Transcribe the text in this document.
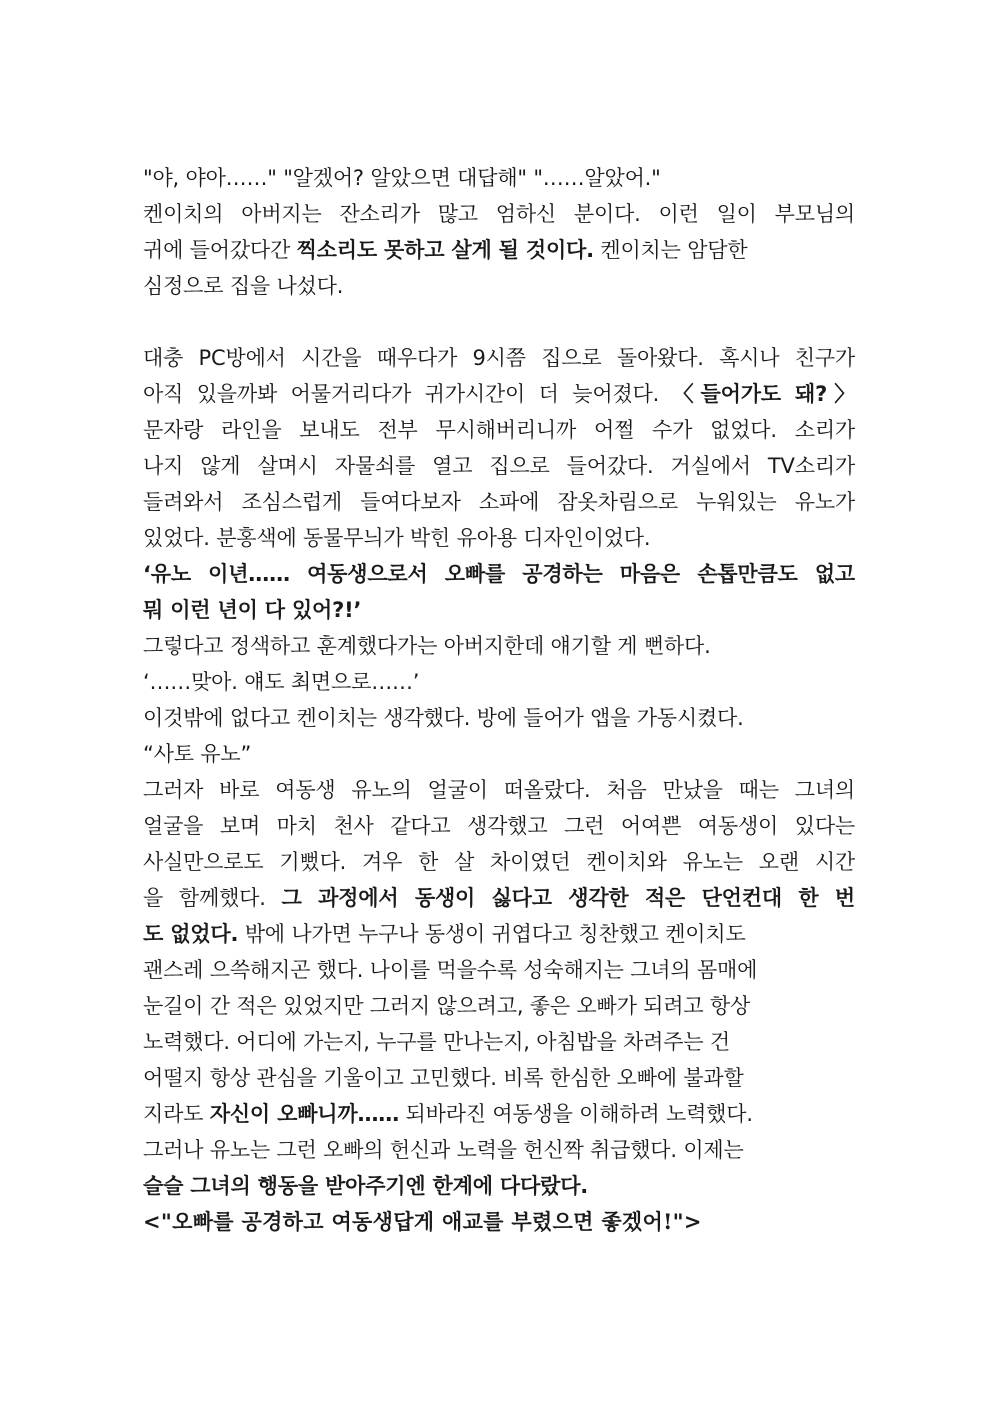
"야, 야아……" "알겠어? 알았으면 대답해" "……알았어."
켄이치의 아버지는 잔소리가 많고 엄하신 분이다. 이런 일이 부모님의
귀에 들어갔다간 찍소리도 못하고 살게 될 것이다. 켄이치는 암담한
심정으로 집을 나섰다.
대충 PC방에서 시간을 때우다가 9시쯤 집으로 돌아왔다. 혹시나 친구가
아직 있을까봐 어물거리다가 귀가시간이 더 늦어졌다. 〈들어가도 돼?〉
문자랑 라인을 보내도 전부 무시해버리니까 어쩔 수가 없었다. 소리가
나지 않게 살며시 자물쇠를 열고 집으로 들어갔다. 거실에서 TV소리가
들려와서 조심스럽게 들여다보자 소파에 잠옷차림으로 누워있는 유노가
있었다. 분홍색에 동물무늬가 박힌 유아용 디자인이었다.
‘유노 이년…… 여동생으로서 오빠를 공경하는 마음은 손톱만큼도 없고
뭐 이런 년이 다 있어?!’
그렇다고 정색하고 훈계했다가는 아버지한데 얘기할 게 뻔하다.
‘……맞아. 얘도 최면으로……’
이것밖에 없다고 켄이치는 생각했다. 방에 들어가 앱을 가동시켰다.
“사토 유노”
그러자 바로 여동생 유노의 얼굴이 떠올랐다. 처음 만났을 때는 그녀의
얼굴을 보며 마치 천사 같다고 생각했고 그런 어여쁜 여동생이 있다는
사실만으로도 기뻤다. 겨우 한 살 차이였던 켄이치와 유노는 오랜 시간
을 함께했다. 그 과정에서 동생이 싫다고 생각한 적은 단언컨대 한 번
도 없었다. 밖에 나가면 누구나 동생이 귀엽다고 칭찬했고 켄이치도
괜스레 으쓱해지곤 했다. 나이를 먹을수록 성숙해지는 그녀의 몸매에
눈길이 간 적은 있었지만 그러지 않으려고, 좋은 오빠가 되려고 항상
노력했다. 어디에 가는지, 누구를 만나는지, 아침밥을 차려주는 건
어떨지 항상 관심을 기울이고 고민했다. 비록 한심한 오빠에 불과할
지라도 자신이 오빠니까…… 되바라진 여동생을 이해하려 노력했다.
그러나 유노는 그런 오빠의 헌신과 노력을 헌신짝 취급했다. 이제는
슬슬 그녀의 행동을 받아주기엔 한계에 다다랐다.
<"오빠를 공경하고 여동생답게 애교를 부렸으면 좋겠어!">
